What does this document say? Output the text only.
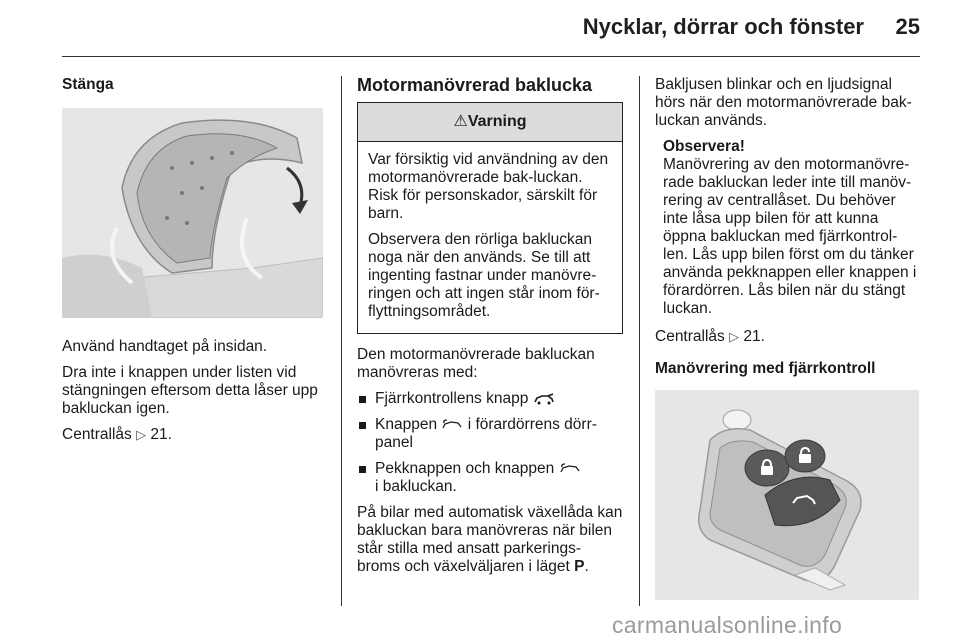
Nycklar, dörrar och fönster 25
Stänga

Använd handtaget på insidan.

Dra inte i knappen under listen vid stängningen eftersom detta låser upp bakluckan igen.

Centrallås ▷ 21.

Motormanövrerad baklucka
⚠Varning

Var försiktig vid användning av den motormanövrerade bak-luckan. Risk för personskador, särskilt för barn.

Observera den rörliga bakluckan noga när den används. Se till att ingenting fastnar under manövre-ringen och att ingen står inom för-flyttningsområdet.

Den motormanövrerade bakluckan manövreras med:

Fjärrkontrollens knapp
Knappen i förardörrens dörr-panel
Pekknappen och knappen
i bakluckan.

På bilar med automatisk växellåda kan bakluckan bara manövreras när bilen står stilla med ansatt parkerings-broms och växelväljaren i läget P.

Bakljusen blinkar och en ljudsignal hörs när den motormanövrerade bak-luckan används.

Observera!
Manövrering av den motormanövre-rade bakluckan leder inte till manöv-rering av centrallåset. Du behöver inte låsa upp bilen för att kunna öppna bakluckan med fjärrkontrol-len. Lås upp bilen först om du tänker använda pekknappen eller knappen i förardörren. Lås bilen när du stängt luckan.

Centrallås ▷ 21.

Manövrering med fjärrkontroll
carmanualsonline.info
